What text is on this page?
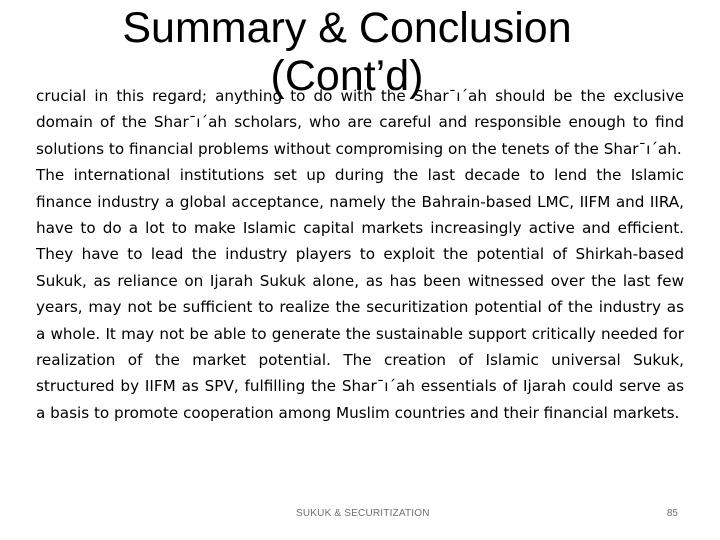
Summary & Conclusion
(Cont’d)

crucial in this regard; anything to do with the Shar¯ı´ah should be the exclusive domain of the Shar¯ı´ah scholars, who are careful and responsible enough to find solutions to financial problems without compromising on the tenets of the Shar¯ı´ah.

The international institutions set up during the last decade to lend the Islamic finance industry a global acceptance, namely the Bahrain-based LMC, IIFM and IIRA, have to do a lot to make Islamic capital markets increasingly active and efficient. They have to lead the industry players to exploit the potential of Shirkah-based Sukuk, as reliance on Ijarah Sukuk alone, as has been witnessed over the last few years, may not be sufficient to realize the securitization potential of the industry as a whole. It may not be able to generate the sustainable support critically needed for realization of the market potential. The creation of Islamic universal Sukuk, structured by IIFM as SPV, fulfilling the Shar¯ı´ah essentials of Ijarah could serve as a basis to promote cooperation among Muslim countries and their financial markets.

SUKUK & SECURITIZATION	85
